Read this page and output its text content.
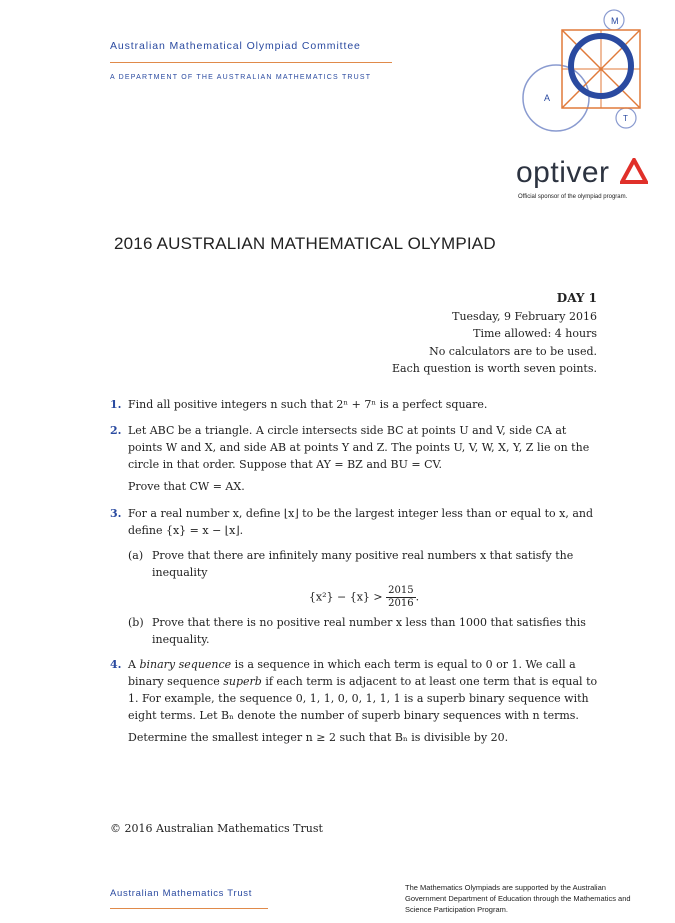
Australian Mathematical Olympiad Committee
A DEPARTMENT OF THE AUSTRALIAN MATHEMATICS TRUST
M
A
T
optiver
Official sponsor of the olympiad program.
2016 AUSTRALIAN MATHEMATICAL OLYMPIAD
DAY 1
Tuesday, 9 February 2016
Time allowed: 4 hours
No calculators are to be used.
Each question is worth seven points.
1. Find all positive integers n such that 2ⁿ + 7ⁿ is a perfect square.
2. Let ABC be a triangle. A circle intersects side BC at points U and V, side CA at points W and X, and side AB at points Y and Z. The points U, V, W, X, Y, Z lie on the circle in that order. Suppose that AY = BZ and BU = CV.
Prove that CW = AX.
3. For a real number x, define ⌊x⌋ to be the largest integer less than or equal to x, and define {x} = x − ⌊x⌋.
(a) Prove that there are infinitely many positive real numbers x that satisfy the inequality
$\{x^2\} - \{x\} > \frac{2015}{2016}$.
(b) Prove that there is no positive real number x less than 1000 that satisfies this inequality.
4. A binary sequence is a sequence in which each term is equal to 0 or 1. We call a binary sequence superb if each term is adjacent to at least one term that is equal to 1. For example, the sequence 0, 1, 1, 0, 0, 1, 1, 1 is a superb binary sequence with eight terms. Let Bₙ denote the number of superb binary sequences with n terms.
Determine the smallest integer n ≥ 2 such that Bₙ is divisible by 20.
© 2016 Australian Mathematics Trust
Australian Mathematics Trust
The Mathematics Olympiads are supported by the Australian Government Department of Education through the Mathematics and Science Participation Program.
